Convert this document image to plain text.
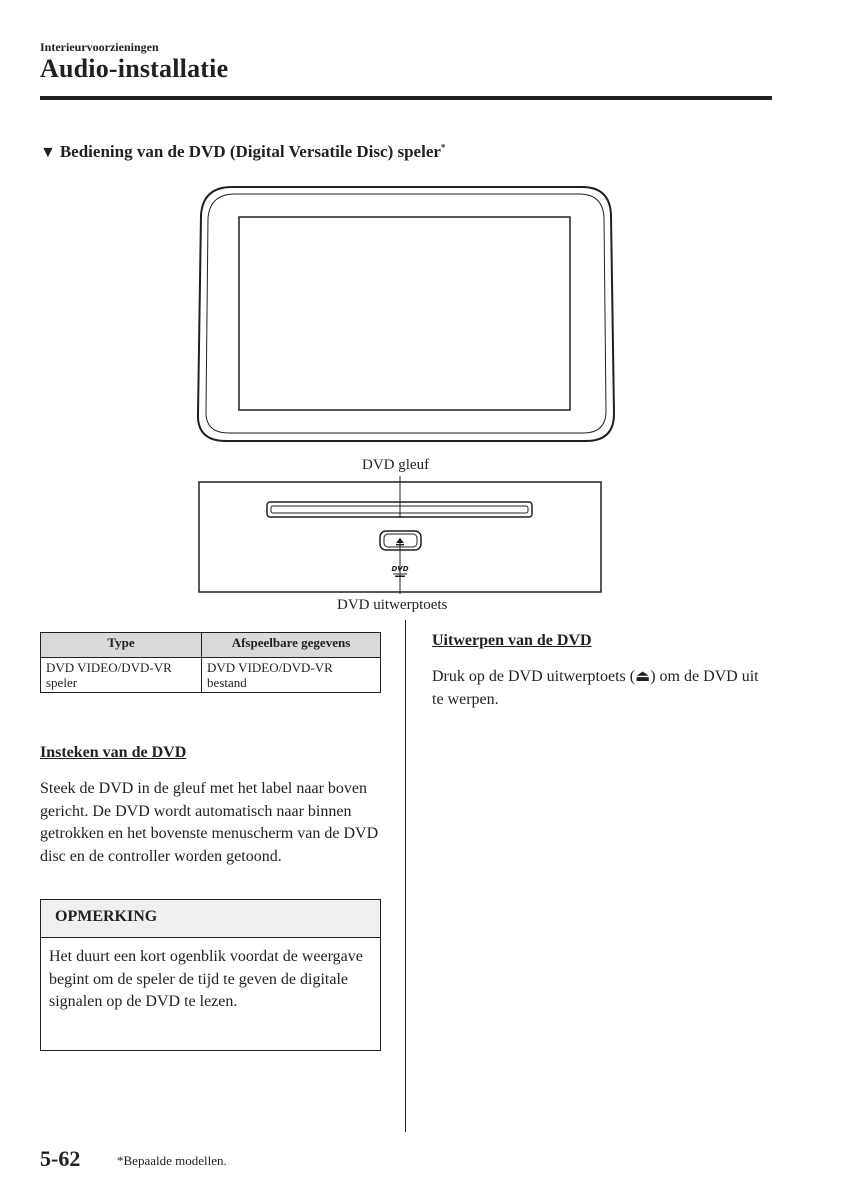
Interieurvoorzieningen
Audio-installatie
▼ Bediening van de DVD (Digital Versatile Disc) speler*
DVD
DVD gleuf
DVD uitwerptoets
Type	Afspeelbare gegevens
DVD VIDEO/DVD-VR speler	DVD VIDEO/DVD-VR bestand
Insteken van de DVD
Steek de DVD in de gleuf met het label naar boven gericht. De DVD wordt automatisch naar binnen getrokken en het bovenste menuscherm van de DVD disc en de controller worden getoond.
OPMERKING
Het duurt een kort ogenblik voordat de weergave begint om de speler de tijd te geven de digitale signalen op de DVD te lezen.
Uitwerpen van de DVD
Druk op de DVD uitwerptoets (⏏) om de DVD uit te werpen.
5-62	*Bepaalde modellen.
